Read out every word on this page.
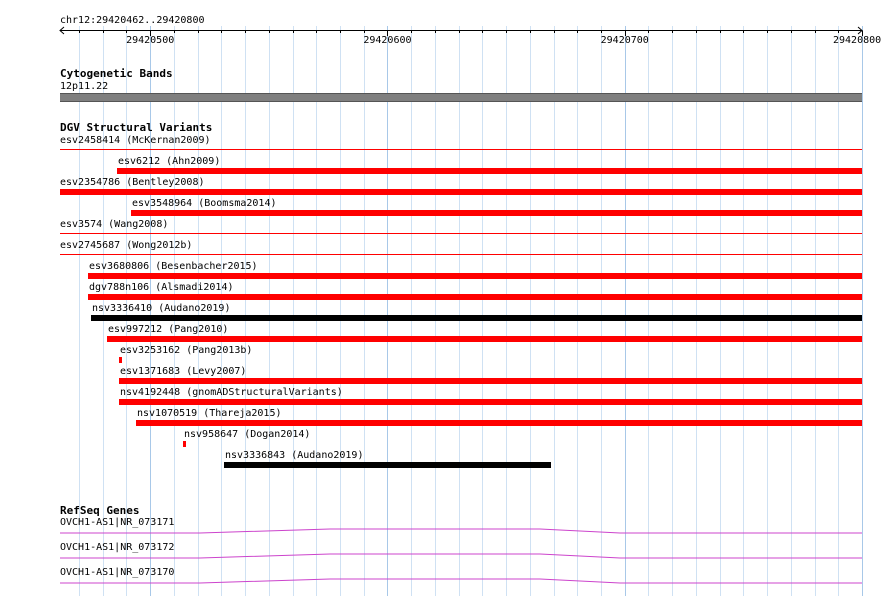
chr12:29420462..29420800
29420500	29420600	29420700	29420800
Cytogenetic Bands
12p11.22
DGV Structural Variants
esv2458414 (McKernan2009)
esv6212 (Ahn2009)
esv2354786 (Bentley2008)
esv3548964 (Boomsma2014)
esv3574 (Wang2008)
esv2745687 (Wong2012b)
esv3680806 (Besenbacher2015)
dgv788n106 (Alsmadi2014)
nsv3336410 (Audano2019)
esv997212 (Pang2010)
esv3253162 (Pang2013b)
esv1371683 (Levy2007)
nsv4192448 (gnomADStructuralVariants)
nsv1070519 (Thareja2015)
nsv958647 (Dogan2014)
nsv3336843 (Audano2019)
RefSeq Genes
OVCH1-AS1|NR_073171
OVCH1-AS1|NR_073172
OVCH1-AS1|NR_073170
